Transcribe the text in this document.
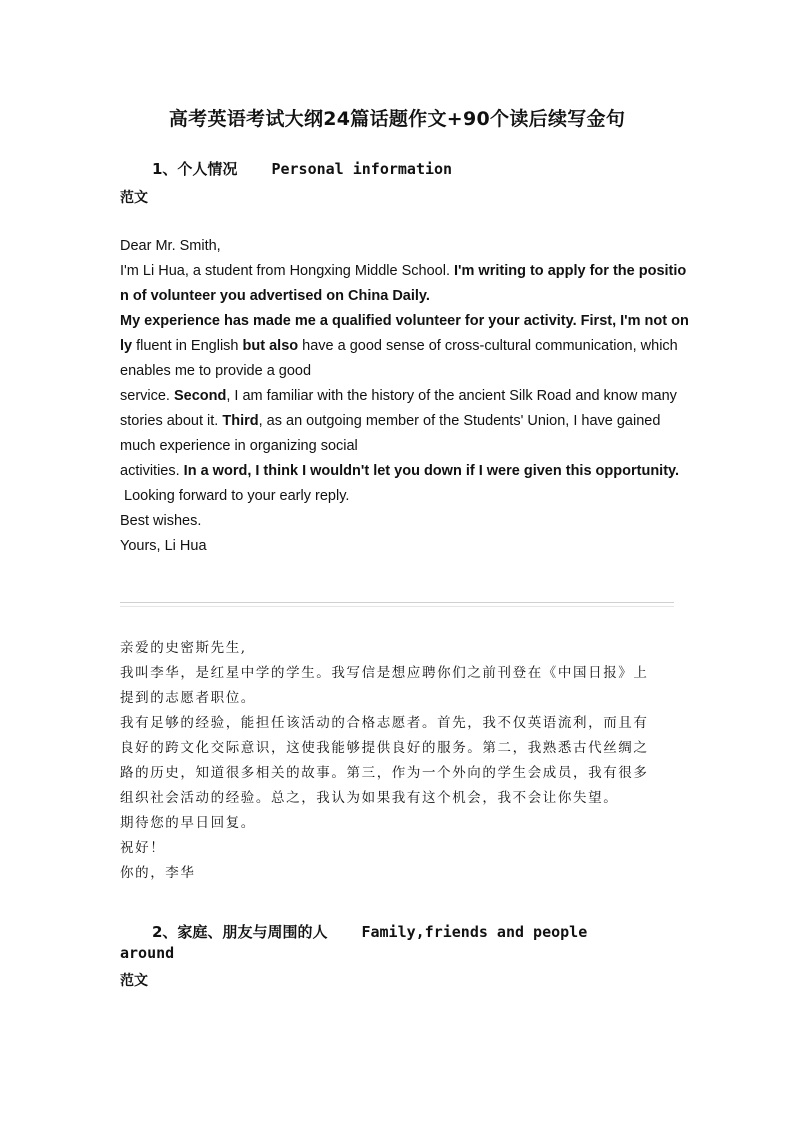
高考英语考试大纲24篇话题作文+90个读后续写金句
1、个人情况 Personal information
范文
Dear Mr. Smith,
I'm Li Hua, a student from Hongxing Middle School. I'm writing to apply for the positio
n of volunteer you advertised on China Daily.
My experience has made me a qualified volunteer for your activity. First, I'm not on
ly fluent in English but also have a good sense of cross-cultural communication, which
enables me to provide a good
service. Second, I am familiar with the history of the ancient Silk Road and know many
stories about it. Third, as an outgoing member of the Students' Union, I have gained
much experience in organizing social
activities. In a word, I think I wouldn't let you down if I were given this opportunity.
Looking forward to your early reply.
Best wishes.
Yours, Li Hua
亲爱的史密斯先生,
我叫李华，是红星中学的学生。我写信是想应聘你们之前刊登在《中国日报》上
提到的志愿者职位。
我有足够的经验，能担任该活动的合格志愿者。首先，我不仅英语流利，而且有
良好的跨文化交际意识，这使我能够提供良好的服务。第二，我熟悉古代丝绸之
路的历史，知道很多相关的故事。第三，作为一个外向的学生会成员，我有很多
组织社会活动的经验。总之，我认为如果我有这个机会，我不会让你失望。
期待您的早日回复。
祝好！
你的，李华
2、家庭、朋友与周围的人 Family,friends and people
around
范文
